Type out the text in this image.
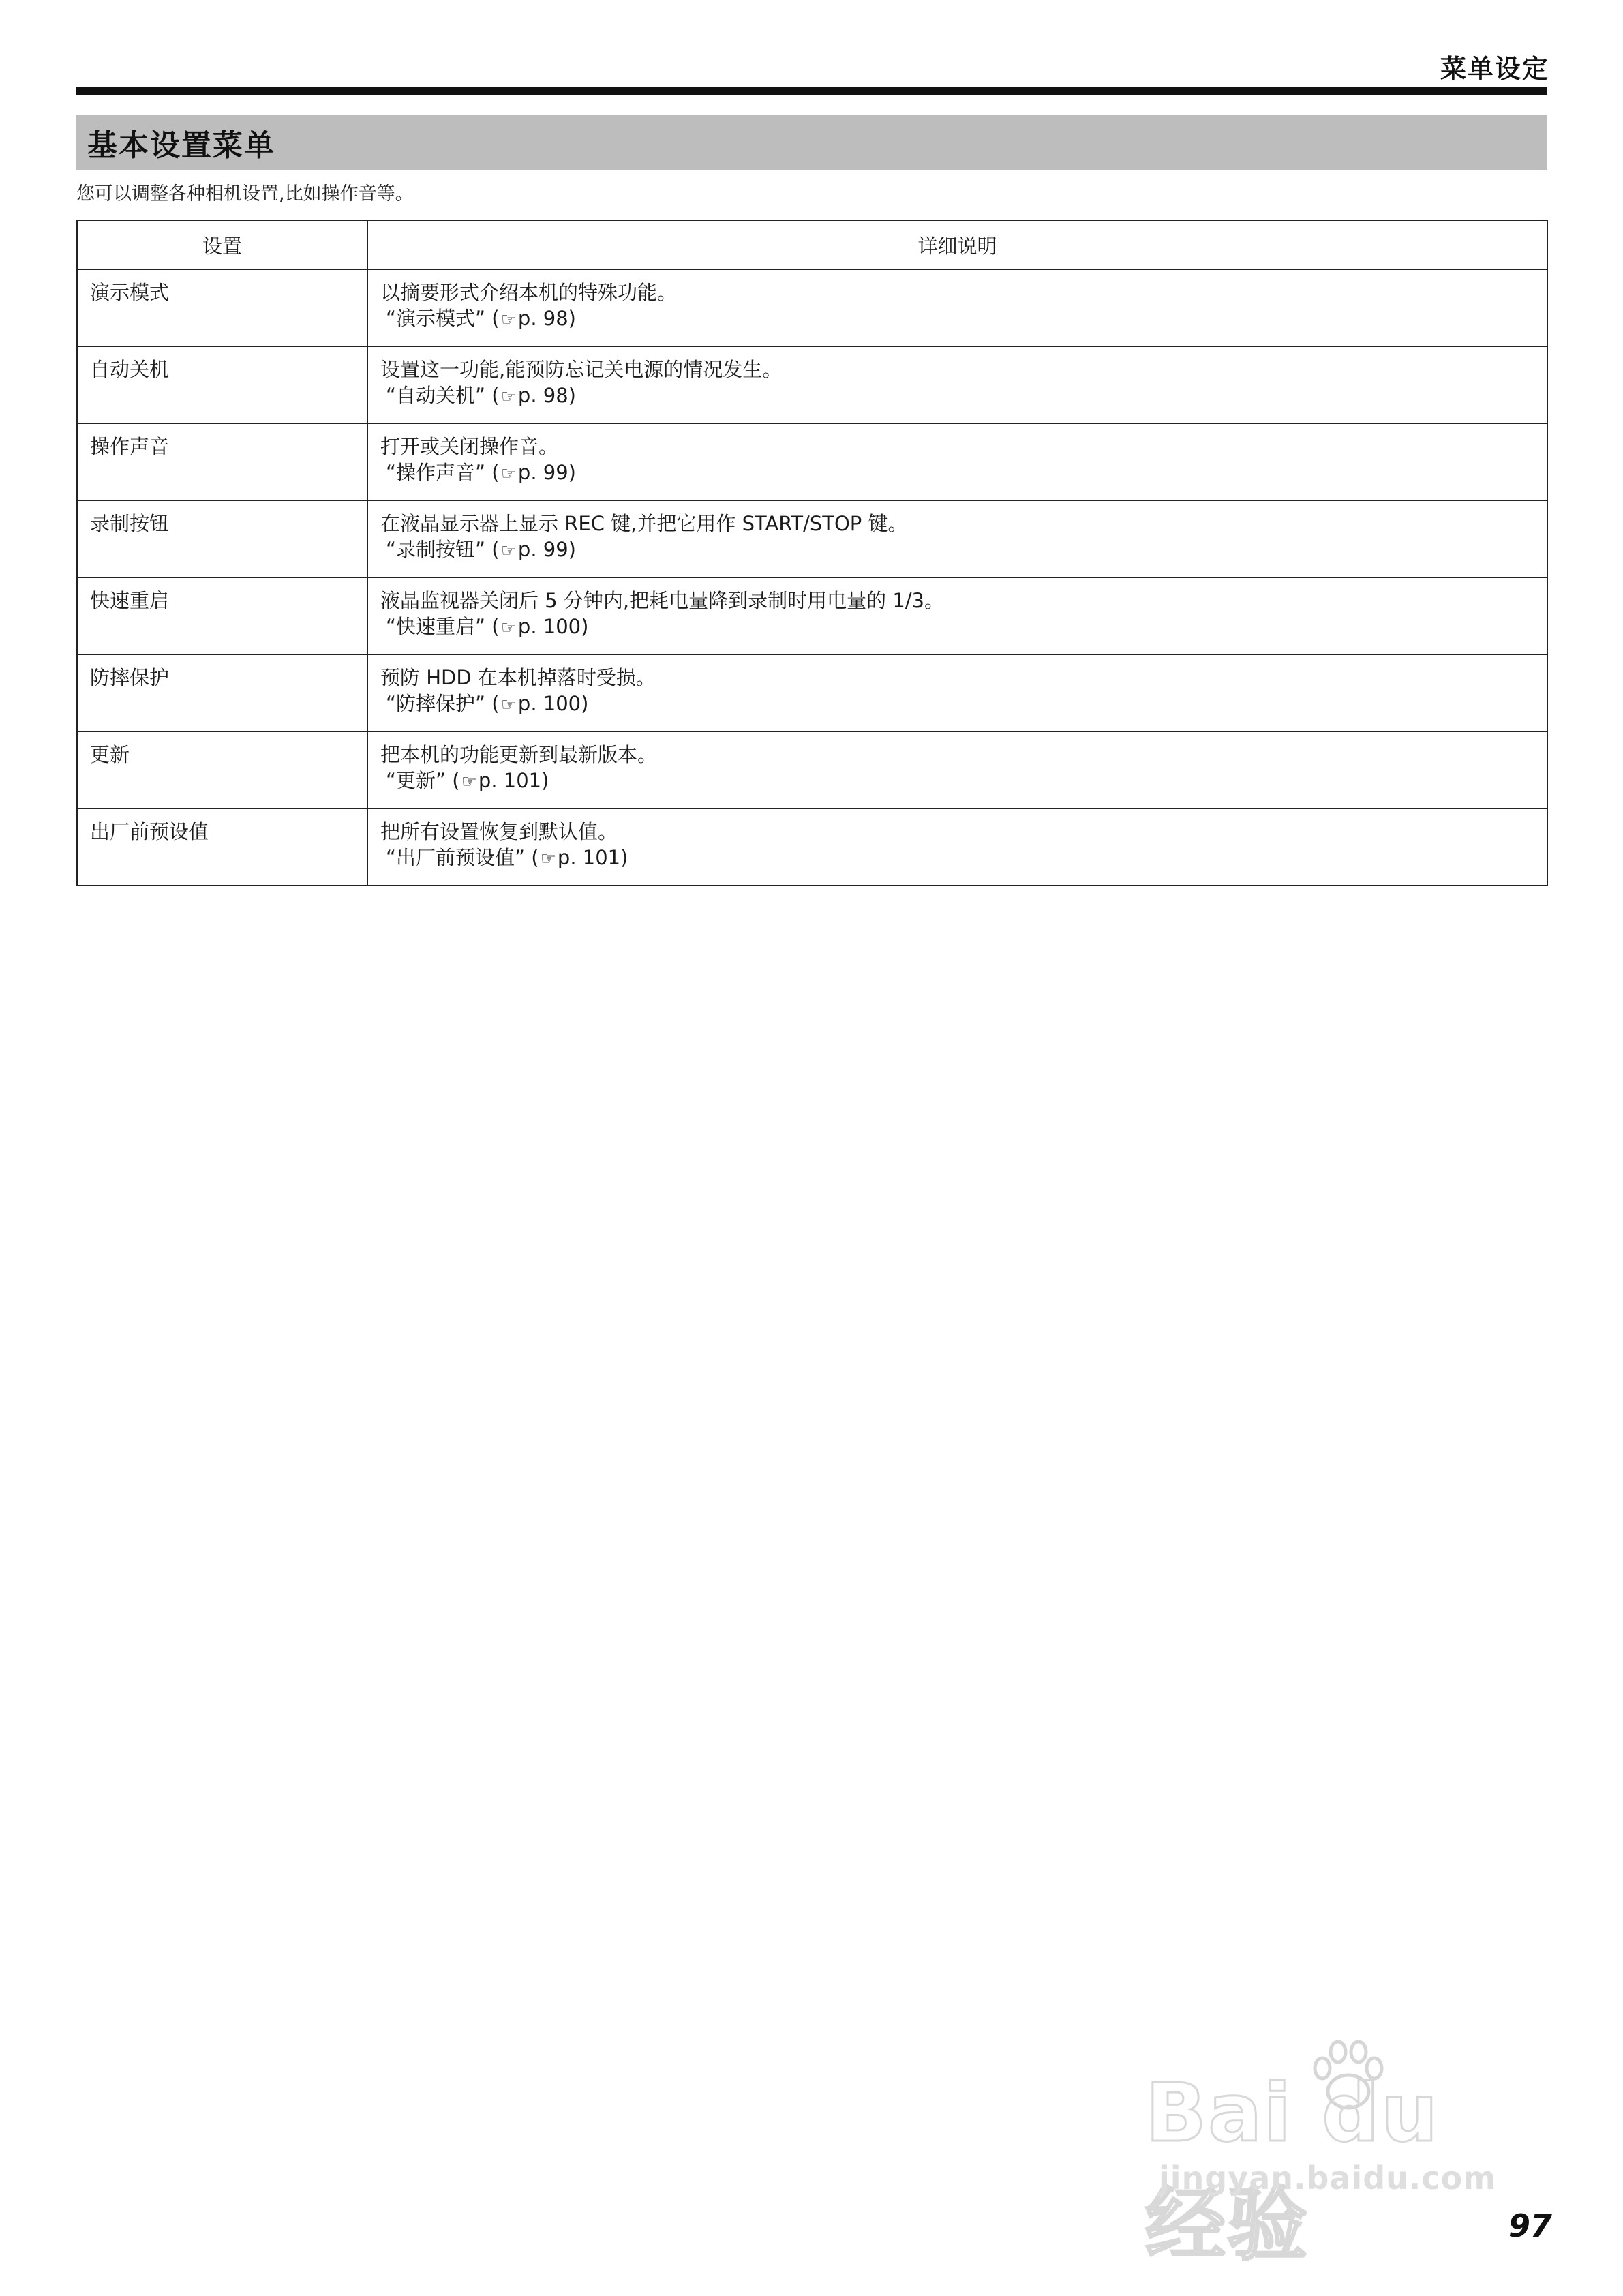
菜单设定
基本设置菜单
您可以调整各种相机设置,比如操作音等。
设置	详细说明
演示模式	以摘要形式介绍本机的特殊功能。
“演示模式” (☞p. 98)

自动关机	设置这一功能,能预防忘记关电源的情况发生。
“自动关机” (☞p. 98)

操作声音	打开或关闭操作音。
“操作声音” (☞p. 99)

录制按钮	在液晶显示器上显示 REC 键,并把它用作 START/STOP 键。
“录制按钮” (☞p. 99)

快速重启	液晶监视器关闭后 5 分钟内,把耗电量降到录制时用电量的 1/3。
“快速重启” (☞p. 100)

防摔保护	预防 HDD 在本机掉落时受损。
“防摔保护” (☞p. 100)

更新	把本机的功能更新到最新版本。
“更新” (☞p. 101)

出厂前预设值	把所有设置恢复到默认值。
“出厂前预设值” (☞p. 101)
Bai du 经验
jingyan.baidu.com
97
